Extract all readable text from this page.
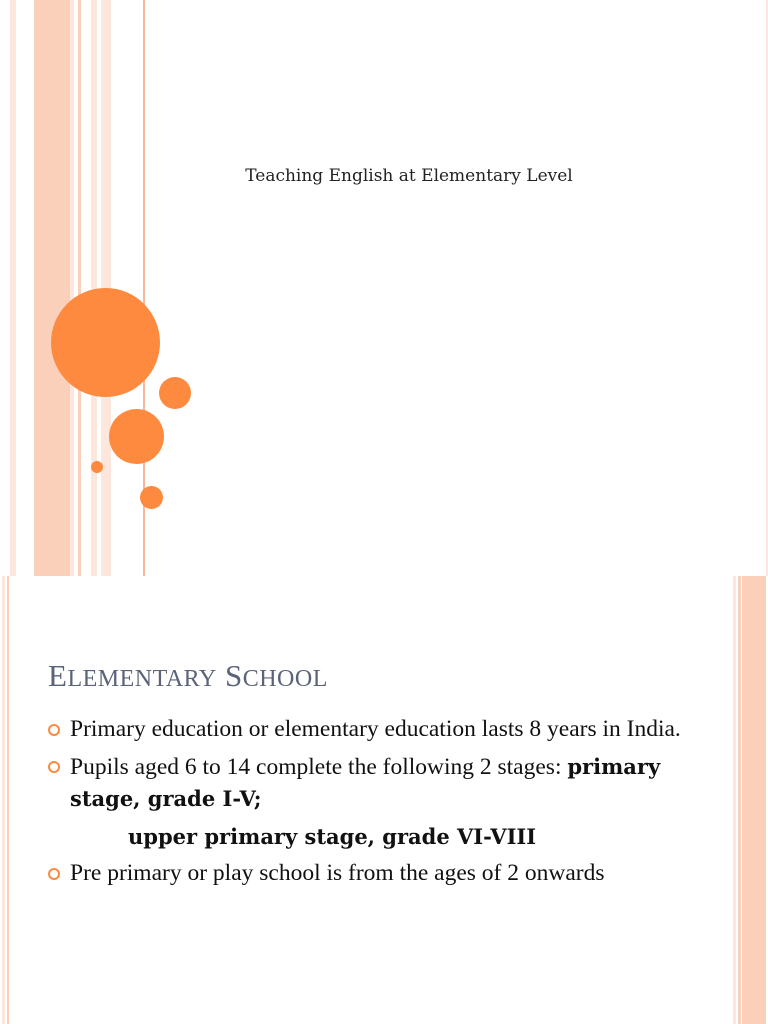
Teaching English at Elementary Level
ELEMENTARY SCHOOL
Primary education or elementary education lasts 8 years in India.
Pupils aged 6 to 14 complete the following 2 stages: primary stage, grade I-V;
upper primary stage, grade VI-VIII
Pre primary or play school is from the ages of 2 onwards
